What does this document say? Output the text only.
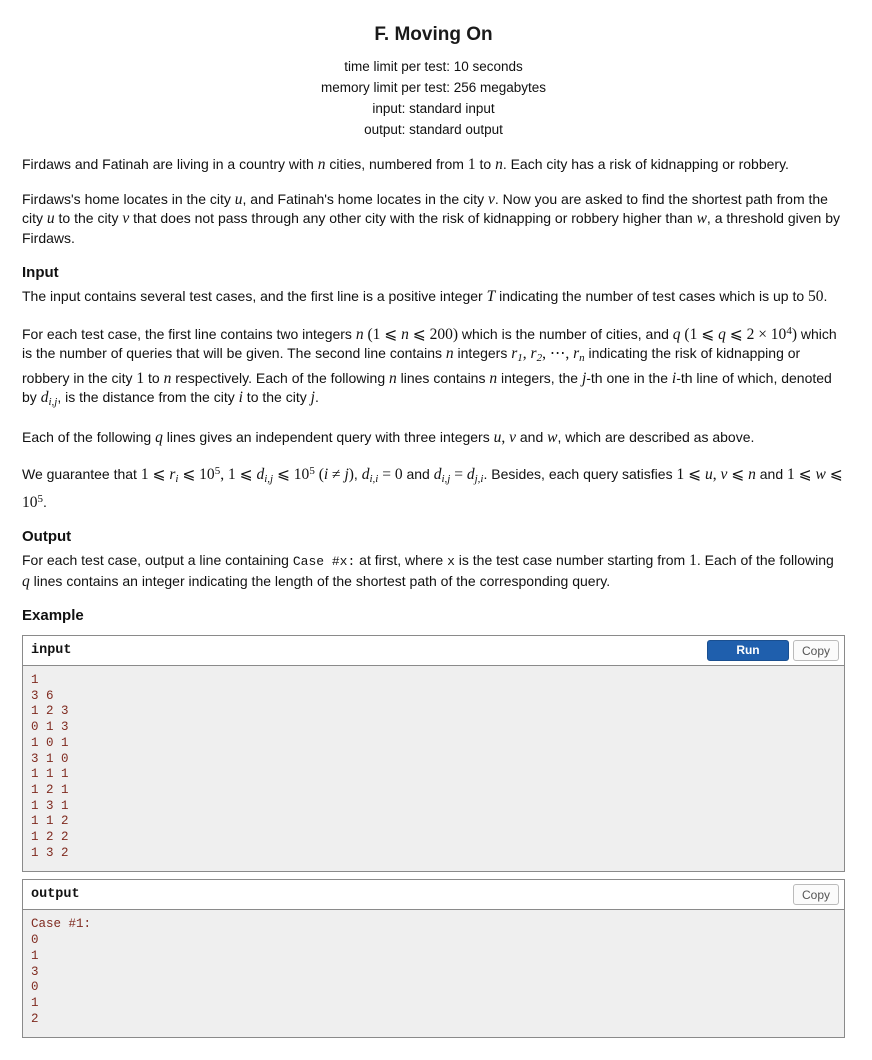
F. Moving On
time limit per test: 10 seconds
memory limit per test: 256 megabytes
input: standard input
output: standard output

Firdaws and Fatinah are living in a country with n cities, numbered from 1 to n. Each city has a risk of kidnapping or robbery.

Firdaws's home locates in the city u, and Fatinah's home locates in the city v. Now you are asked to find the shortest path from the city u to the city v that does not pass through any other city with the risk of kidnapping or robbery higher than w, a threshold given by Firdaws.

Input

The input contains several test cases, and the first line is a positive integer T indicating the number of test cases which is up to 50.

For each test case, the first line contains two integers n (1 ⩽ n ⩽ 200) which is the number of cities, and q (1 ⩽ q ⩽ $2 \times 10^4$) which is the number of queries that will be given. The second line contains n integers $r_1$, $r_2$, ⋯, $r_n$ indicating the risk of kidnapping or robbery in the city 1 to n respectively. Each of the following n lines contains n integers, the j-th one in the i-th line of which, denoted by $d_{i,j}$, is the distance from the city i to the city j.

Each of the following q lines gives an independent query with three integers u, v and w, which are described as above.

We guarantee that 1 ⩽ $r_i$ ⩽ $10^5$, 1 ⩽ $d_{i,j}$ ⩽ $10^5$ (i ≠ j), $d_{i,i} = 0$ and $d_{i,j} = d_{j,i}$. Besides, each query satisfies 1 ⩽ u, v ⩽ n and 1 ⩽ w ⩽ $10^5$.

Output

For each test case, output a line containing Case #x: at first, where x is the test case number starting from 1. Each of the following q lines contains an integer indicating the length of the shortest path of the corresponding query.

Example
input	Run	Copy
1
3 6
1 2 3
0 1 3
1 0 1
3 1 0
1 1 1
1 2 1
1 3 1
1 1 2
1 2 2
1 3 2
output	Copy
Case #1:
0
1
3
0
1
2
